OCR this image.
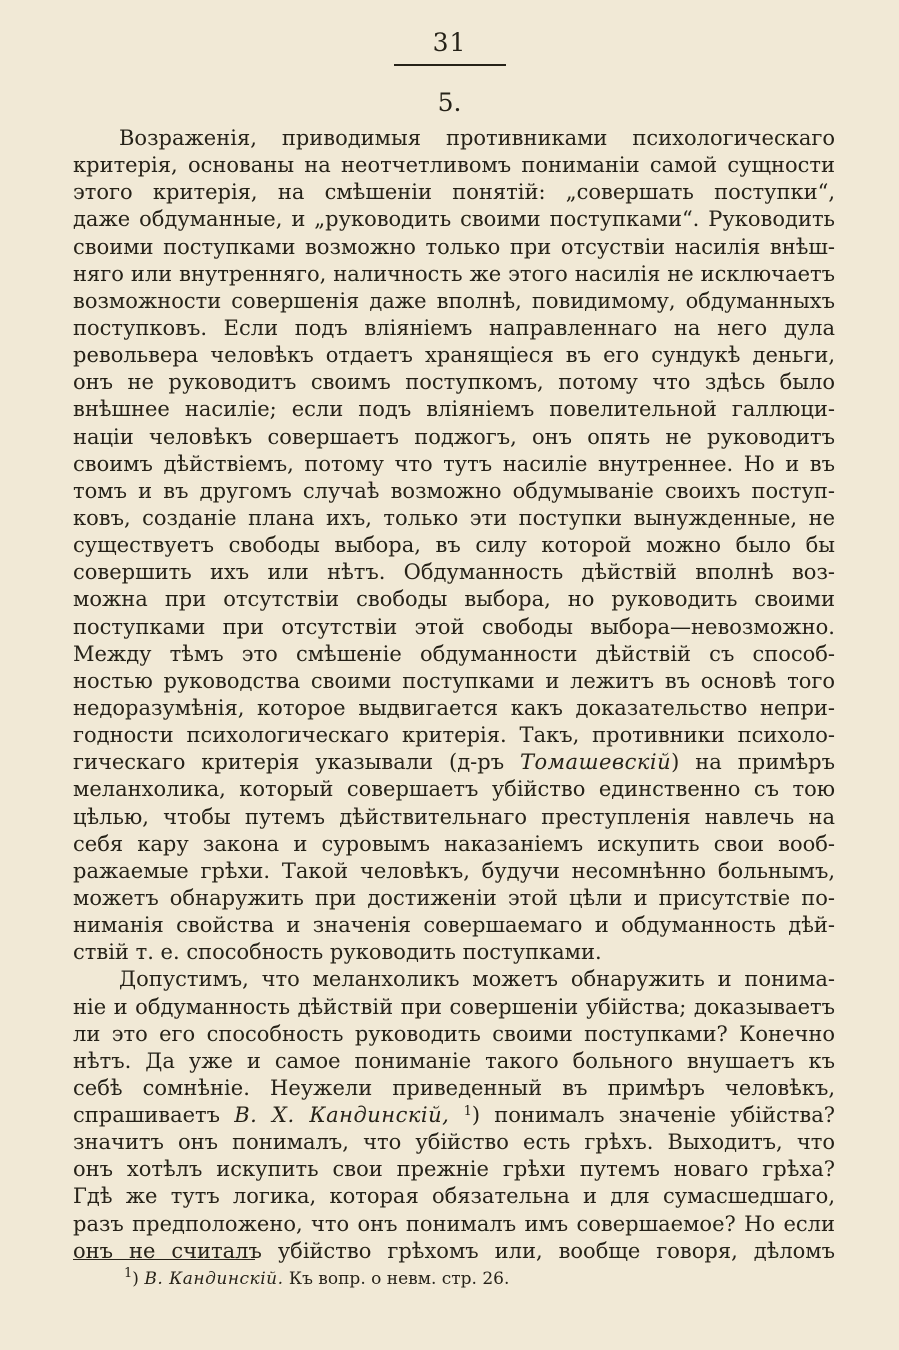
31
5.
Возраженія, приводимыя противниками психологическаго
критерія, основаны на неотчетливомъ пониманіи самой сущности
этого критерія, на смѣшеніи понятій: „совершать поступки“,
даже обдуманные, и „руководить своими поступками“. Руководить
своими поступками возможно только при отсуствіи насилія внѣш-
няго или внутренняго, наличность же этого насилія не исключаетъ
возможности совершенія даже вполнѣ, повидимому, обдуманныхъ
поступковъ. Если подъ вліяніемъ направленнаго на него дула
револьвера человѣкъ отдаетъ хранящіеся въ его сундукѣ деньги,
онъ не руководитъ своимъ поступкомъ, потому что здѣсь было
внѣшнее насиліе; если подъ вліяніемъ повелительной галлюци-
націи человѣкъ совершаетъ поджогъ, онъ опять не руководитъ
своимъ дѣйствіемъ, потому что тутъ насиліе внутреннее. Но и въ
томъ и въ другомъ случаѣ возможно обдумываніе своихъ поступ-
ковъ, созданіе плана ихъ, только эти поступки вынужденные, не
существуетъ свободы выбора, въ силу которой можно было бы
совершить ихъ или нѣтъ. Обдуманность дѣйствій вполнѣ воз-
можна при отсутствіи свободы выбора, но руководить своими
поступками при отсутствіи этой свободы выбора—невозможно.
Между тѣмъ это смѣшеніе обдуманности дѣйствій съ способ-
ностью руководства своими поступками и лежитъ въ основѣ того
недоразумѣнія, которое выдвигается какъ доказательство непри-
годности психологическаго критерія. Такъ, противники психоло-
гическаго критерія указывали (д-ръ Томашевскій) на примѣръ
меланхолика, который совершаетъ убійство единственно съ тою
цѣлью, чтобы путемъ дѣйствительнаго преступленія навлечь на
себя кару закона и суровымъ наказаніемъ искупить свои вооб-
ражаемые грѣхи. Такой человѣкъ, будучи несомнѣнно больнымъ,
можетъ обнаружить при достиженіи этой цѣли и присутствіе по-
ниманія свойства и значенія совершаемаго и обдуманность дѣй-
ствій т. е. способность руководить поступками.
Допустимъ, что меланхоликъ можетъ обнаружить и понима-
ніе и обдуманность дѣйствій при совершеніи убійства; доказываетъ
ли это его способность руководить своими поступками? Конечно
нѣтъ. Да уже и самое пониманіе такого больного внушаетъ къ
себѣ сомнѣніе. Неужели приведенный въ примѣръ человѣкъ,
спрашиваетъ В. Х. Кандинскій, $^1$) понималъ значеніе убійства?
значитъ онъ понималъ, что убійство есть грѣхъ. Выходитъ, что
онъ хотѣлъ искупить свои прежніе грѣхи путемъ новаго грѣха?
Гдѣ же тутъ логика, которая обязательна и для сумасшедшаго,
разъ предположено, что онъ понималъ имъ совершаемое? Но если
онъ не считалъ убійство грѣхомъ или, вообще говоря, дѣломъ
$^1$) В. Кандинскій. Къ вопр. о невм. стр. 26.
